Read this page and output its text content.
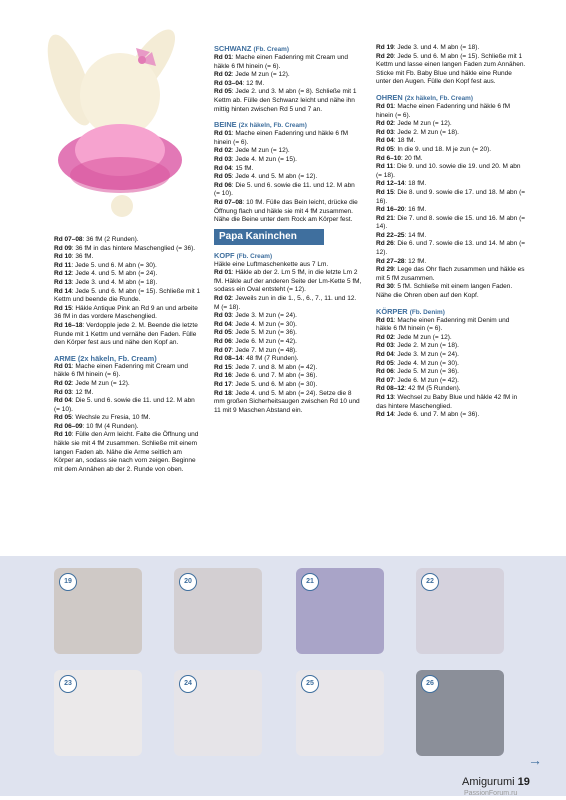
Rd 07–08: 36 fM (2 Runden).

Rd 09: 36 fM in das hintere Maschenglied (= 36).

Rd 10: 36 fM.

Rd 11: Jede 5. und 6. M abn (= 30).

Rd 12: Jede 4. und 5. M abn (= 24).

Rd 13: Jede 3. und 4. M abn (= 18).

Rd 14: Jede 5. und 6. M abn (= 15). Schließe mit 1 Kettm und beende die Runde.

Rd 15: Häkle Antique Pink an Rd 9 an und arbeite 36 fM in das vordere Maschenglied.

Rd 16–18: Verdopple jede 2. M. Beende die letzte Runde mit 1 Kettm und vernähe den Faden. Fülle den Körper fest aus und nähe den Kopf an.

ARME (2x häkeln, Fb. Cream)

Rd 01: Mache einen Fadenring mit Cream und häkle 6 fM hinein (= 6).

Rd 02: Jede M zun (= 12).

Rd 03: 12 fM.

Rd 04: Die 5. und 6. sowie die 11. und 12. M abn (= 10).

Rd 05: Wechsle zu Fresia, 10 fM.

Rd 06–09: 10 fM (4 Runden).

Rd 10: Fülle den Arm leicht. Falte die Öffnung und häkle sie mit 4 fM zusammen. Schließe mit einem langen Faden ab. Nähe die Arme seitlich am Körper an, sodass sie nach vorn zeigen. Beginne mit dem Annähen ab der 2. Runde von oben.

SCHWANZ (Fb. Cream)

Rd 01: Mache einen Fadenring mit Cream und häkle 6 fM hinein (= 6).

Rd 02: Jede M zun (= 12).

Rd 03–04: 12 fM.

Rd 05: Jede 2. und 3. M abn (= 8). Schließe mit 1 Kettm ab. Fülle den Schwanz leicht und nähe ihn mittig hinten zwischen Rd 5 und 7 an.

BEINE (2x häkeln, Fb. Cream)

Rd 01: Mache einen Fadenring und häkle 6 fM hinein (= 6).

Rd 02: Jede M zun (= 12).

Rd 03: Jede 4. M zun (= 15).

Rd 04: 15 fM.

Rd 05: Jede 4. und 5. M abn (= 12).

Rd 06: Die 5. und 6. sowie die 11. und 12. M abn (= 10).

Rd 07–08: 10 fM. Fülle das Bein leicht, drücke die Öffnung flach und häkle sie mit 4 fM zusammen. Nähe die Beine unter dem Rock am Körper fest.

Papa Kaninchen

KOPF (Fb. Cream)

Häkle eine Luftmaschenkette aus 7 Lm.

Rd 01: Häkle ab der 2. Lm 5 fM, in die letzte Lm 2 fM. Häkle auf der anderen Seite der Lm-Kette 5 fM, sodass ein Oval entsteht (= 12).

Rd 02: Jeweils zun in die 1., 5., 6., 7., 11. und 12. M (= 18).

Rd 03: Jede 3. M zun (= 24).

Rd 04: Jede 4. M zun (= 30).

Rd 05: Jede 5. M zun (= 36).

Rd 06: Jede 6. M zun (= 42).

Rd 07: Jede 7. M zun (= 48).

Rd 08–14: 48 fM (7 Runden).

Rd 15: Jede 7. und 8. M abn (= 42).

Rd 16: Jede 6. und 7. M abn (= 36).

Rd 17: Jede 5. und 6. M abn (= 30).

Rd 18: Jede 4. und 5. M abn (= 24). Setze die 8 mm großen Sicherheitsaugen zwischen Rd 10 und 11 mit 9 Maschen Abstand ein.

Rd 19: Jede 3. und 4. M abn (= 18).

Rd 20: Jede 5. und 6. M abn (= 15). Schließe mit 1 Kettm und lasse einen langen Faden zum Annähen.

Sticke mit Fb. Baby Blue und häkle eine Runde unter den Augen. Fülle den Kopf fest aus.

OHREN (2x häkeln, Fb. Cream)

Rd 01: Mache einen Fadenring und häkle 6 fM hinein (= 6).

Rd 02: Jede M zun (= 12).

Rd 03: Jede 2. M zun (= 18).

Rd 04: 18 fM.

Rd 05: In die 9. und 18. M je zun (= 20).

Rd 6–10: 20 fM.

Rd 11: Die 9. und 10. sowie die 19. und 20. M abn (= 18).

Rd 12–14: 18 fM.

Rd 15: Die 8. und 9. sowie die 17. und 18. M abn (= 16).

Rd 16–20: 16 fM.

Rd 21: Die 7. und 8. sowie die 15. und 16. M abn (= 14).

Rd 22–25: 14 fM.

Rd 26: Die 6. und 7. sowie die 13. und 14. M abn (= 12).

Rd 27–28: 12 fM.

Rd 29: Lege das Ohr flach zusammen und häkle es mit 5 fM zusammen.

Rd 30: 5 fM. Schließe mit einem langen Faden. Nähe die Ohren oben auf den Kopf.

KÖRPER (Fb. Denim)

Rd 01: Mache einen Fadenring mit Denim und häkle 6 fM hinein (= 6).

Rd 02: Jede M zun (= 12).

Rd 03: Jede 2. M zun (= 18).

Rd 04: Jede 3. M zun (= 24).

Rd 05: Jede 4. M zun (= 30).

Rd 06: Jede 5. M zun (= 36).

Rd 07: Jede 6. M zun (= 42).

Rd 08–12: 42 fM (5 Runden).

Rd 13: Wechsel zu Baby Blue und häkle 42 fM in das hintere Maschenglied.

Rd 14: Jede 6. und 7. M abn (= 36).

19	20	21	22
23	24	25	26
→
Amigurumi 19
PassionForum.ru
